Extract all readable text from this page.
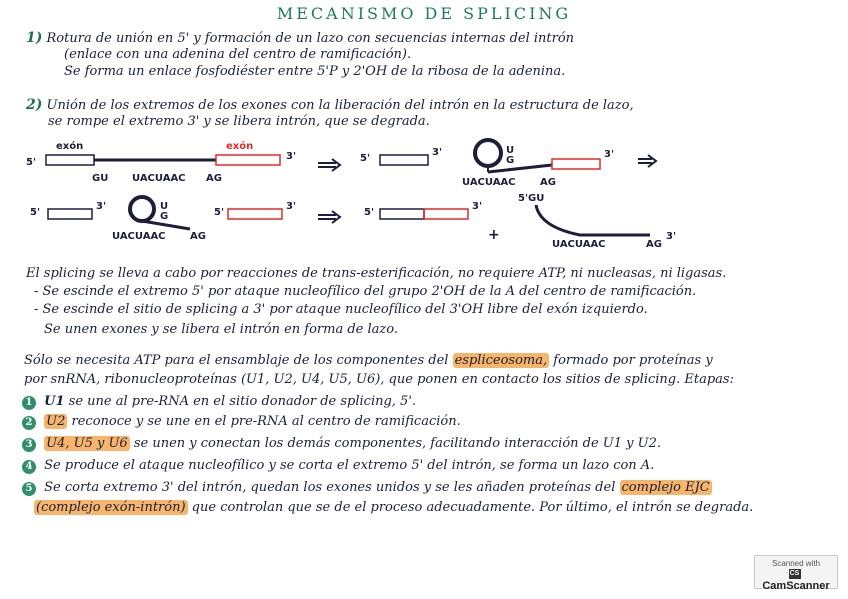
MECANISMO DE SPLICING
1) Rotura de unión en 5' y formación de un lazo con secuencias internas del intrón
(enlace con una adenina del centro de ramificación).
Se forma un enlace fosfodiéster entre 5'P y 2'OH de la ribosa de la adenina.
2) Unión de los extremos de los exones con la liberación del intrón en la estructura de lazo,
se rompe el extremo 3' y se libera intrón, que se degrada.
5'
exón	exón
3'
GU UACUAAC AG
5'
3'	U
G
3'
UACUAAC AG
5'
3'	U
G
UACUAAC AG
5'
3'
5'
3'
+
5'GU
UACUAAC	AG
3'
El splicing se lleva a cabo por reacciones de trans-esterificación, no requiere ATP, ni nucleasas, ni ligasas.
- Se escinde el extremo 5' por ataque nucleofílico del grupo 2'OH de la A del centro de ramificación.
- Se escinde el sitio de splicing a 3' por ataque nucleofílico del 3'OH libre del exón izquierdo.
Se unen exones y se libera el intrón en forma de lazo.
Sólo se necesita ATP para el ensamblaje de los componentes del espliceosoma, formado por proteínas y
por snRNA, ribonucleoproteínas (U1, U2, U4, U5, U6), que ponen en contacto los sitios de splicing. Etapas:
1 U1 se une al pre-RNA en el sitio donador de splicing, 5'.
2 U2 reconoce y se une en el pre-RNA al centro de ramificación.
3 U4, U5 y U6 se unen y conectan los demás componentes, facilitando interacción de U1 y U2.
4 Se produce el ataque nucleofílico y se corta el extremo 5' del intrón, se forma un lazo con A.
5 Se corta extremo 3' del intrón, quedan los exones unidos y se les añaden proteínas del complejo EJC
(complejo exón-intrón) que controlan que se de el proceso adecuadamente. Por último, el intrón se degrada.
Scanned with
CSCamScanner
